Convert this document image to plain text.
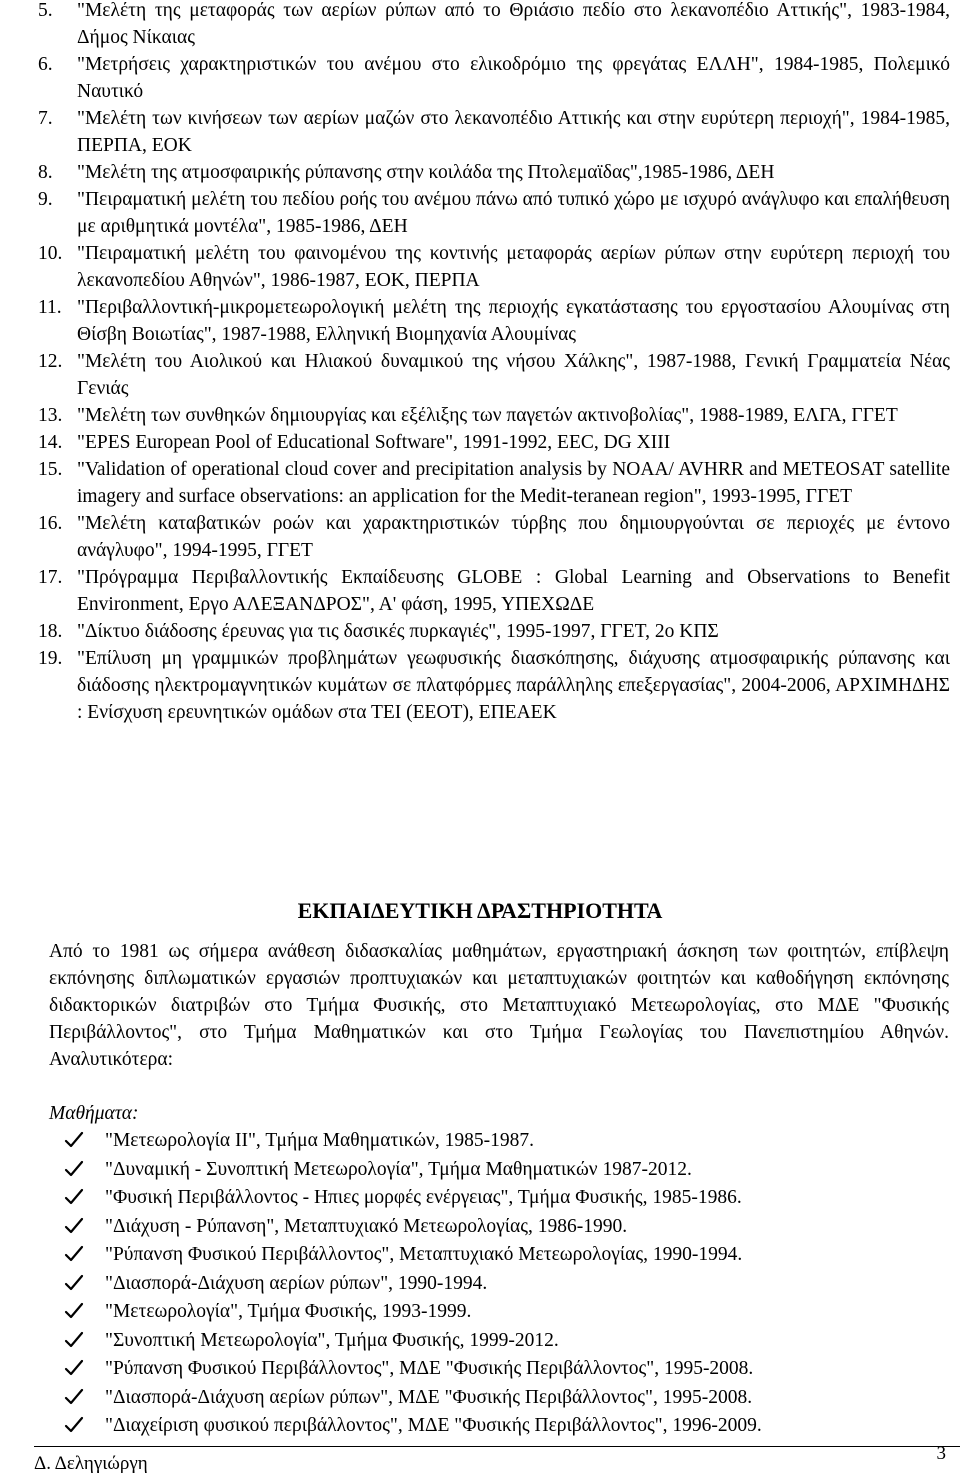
5. "Μελέτη της μεταφοράς των αερίων ρύπων από το Θριάσιο πεδίο στο λεκανοπέδιο Αττικής", 1983-1984, Δήμος Νίκαιας
6. "Μετρήσεις χαρακτηριστικών του ανέμου στο ελικοδρόμιο της φρεγάτας ΕΛΛΗ", 1984-1985, Πολεμικό Ναυτικό
7. "Μελέτη των κινήσεων των αερίων μαζών στο λεκανοπέδιο Αττικής και στην ευρύτερη περιοχή", 1984-1985, ΠΕΡΠΑ, ΕΟΚ
8. "Μελέτη της ατμοσφαιρικής ρύπανσης στην κοιλάδα της Πτολεμαϊδας",1985-1986, ΔΕΗ
9. "Πειραματική μελέτη του πεδίου ροής του ανέμου πάνω από τυπικό χώρο με ισχυρό ανάγλυφο και επαλήθευση με αριθμητικά μοντέλα", 1985-1986, ΔΕΗ
10. "Πειραματική μελέτη του φαινομένου της κοντινής μεταφοράς αερίων ρύπων στην ευρύτερη περιοχή του λεκανοπεδίου Αθηνών", 1986-1987, ΕΟΚ, ΠΕΡΠΑ
11. "Περιβαλλοντική-μικρομετεωρολογική μελέτη της περιοχής εγκατάστασης του εργοστασίου Αλουμίνας στη Θίσβη Βοιωτίας", 1987-1988, Ελληνική Βιομηχανία Αλουμίνας
12. "Μελέτη του Αιολικού και Ηλιακού δυναμικού της νήσου Χάλκης", 1987-1988, Γενική Γραμματεία Νέας Γενιάς
13. "Μελέτη των συνθηκών δημιουργίας και εξέλιξης των παγετών ακτινοβολίας", 1988-1989, ΕΛΓΑ, ΓΓΕΤ
14. "EPES European Pool of Educational Software", 1991-1992, EEC, DG XIII
15. "Validation of operational cloud cover and precipitation analysis by NOAA/ AVHRR and METEOSAT satellite imagery and surface observations: an application for the Medit-teranean region", 1993-1995, ΓΓΕΤ
16. "Μελέτη καταβατικών ροών και χαρακτηριστικών τύρβης που δημιουργούνται σε περιοχές με έντονο ανάγλυφο", 1994-1995, ΓΓΕΤ
17. "Πρόγραμμα Περιβαλλοντικής Εκπαίδευσης GLOBE : Global Learning and Observations to Benefit Environment, Εργο ΑΛΕΞΑΝΔΡΟΣ", Α' φάση, 1995, ΥΠΕΧΩΔΕ
18. "Δίκτυο διάδοσης έρευνας για τις δασικές πυρκαγιές", 1995-1997, ΓΓΕΤ, 2ο ΚΠΣ
19. "Επίλυση μη γραμμικών προβλημάτων γεωφυσικής διασκόπησης, διάχυσης ατμοσφαιρικής ρύπανσης και διάδοσης ηλεκτρομαγνητικών κυμάτων σε πλατφόρμες παράλληλης επεξεργασίας", 2004-2006, ΑΡΧΙΜΗΔΗΣ : Ενίσχυση ερευνητικών ομάδων στα ΤΕΙ (ΕΕΟΤ), ΕΠΕΑΕΚ
ΕΚΠΑΙΔΕΥΤΙΚΗ ΔΡΑΣΤΗΡΙΟΤΗΤΑ

Από το 1981 ως σήμερα ανάθεση διδασκαλίας μαθημάτων, εργαστηριακή άσκηση των φοιτητών, επίβλεψη εκπόνησης διπλωματικών εργασιών προπτυχιακών και μεταπτυχιακών φοιτητών και καθοδήγηση εκπόνησης διδακτορικών διατριβών στο Τμήμα Φυσικής, στο Μεταπτυχιακό Μετεωρολογίας, στο ΜΔΕ "Φυσικής Περιβάλλοντος", στο Τμήμα Μαθηματικών και στο Τμήμα Γεωλογίας του Πανεπιστημίου Αθηνών. Αναλυτικότερα:

Μαθήματα:
"Μετεωρολογία ΙΙ", Τμήμα Μαθηματικών, 1985-1987.
"Δυναμική - Συνοπτική Μετεωρολογία", Τμήμα Μαθηματικών 1987-2012.
"Φυσική Περιβάλλοντος - Ηπιες μορφές ενέργειας", Τμήμα Φυσικής, 1985-1986.
"Διάχυση - Ρύπανση", Μεταπτυχιακό Μετεωρολογίας, 1986-1990.
"Ρύπανση Φυσικού Περιβάλλοντος", Μεταπτυχιακό Μετεωρολογίας, 1990-1994.
"Διασπορά-Διάχυση αερίων ρύπων", 1990-1994.
"Μετεωρολογία", Τμήμα Φυσικής, 1993-1999.
"Συνοπτική Μετεωρολογία", Τμήμα Φυσικής, 1999-2012.
"Ρύπανση Φυσικού Περιβάλλοντος", ΜΔΕ "Φυσικής Περιβάλλοντος", 1995-2008.
"Διασπορά-Διάχυση αερίων ρύπων", ΜΔΕ "Φυσικής Περιβάλλοντος", 1995-2008.
"Διαχείριση φυσικού περιβάλλοντος", ΜΔΕ "Φυσικής Περιβάλλοντος", 1996-2009.
Δ. Δεληγιώργη	3
